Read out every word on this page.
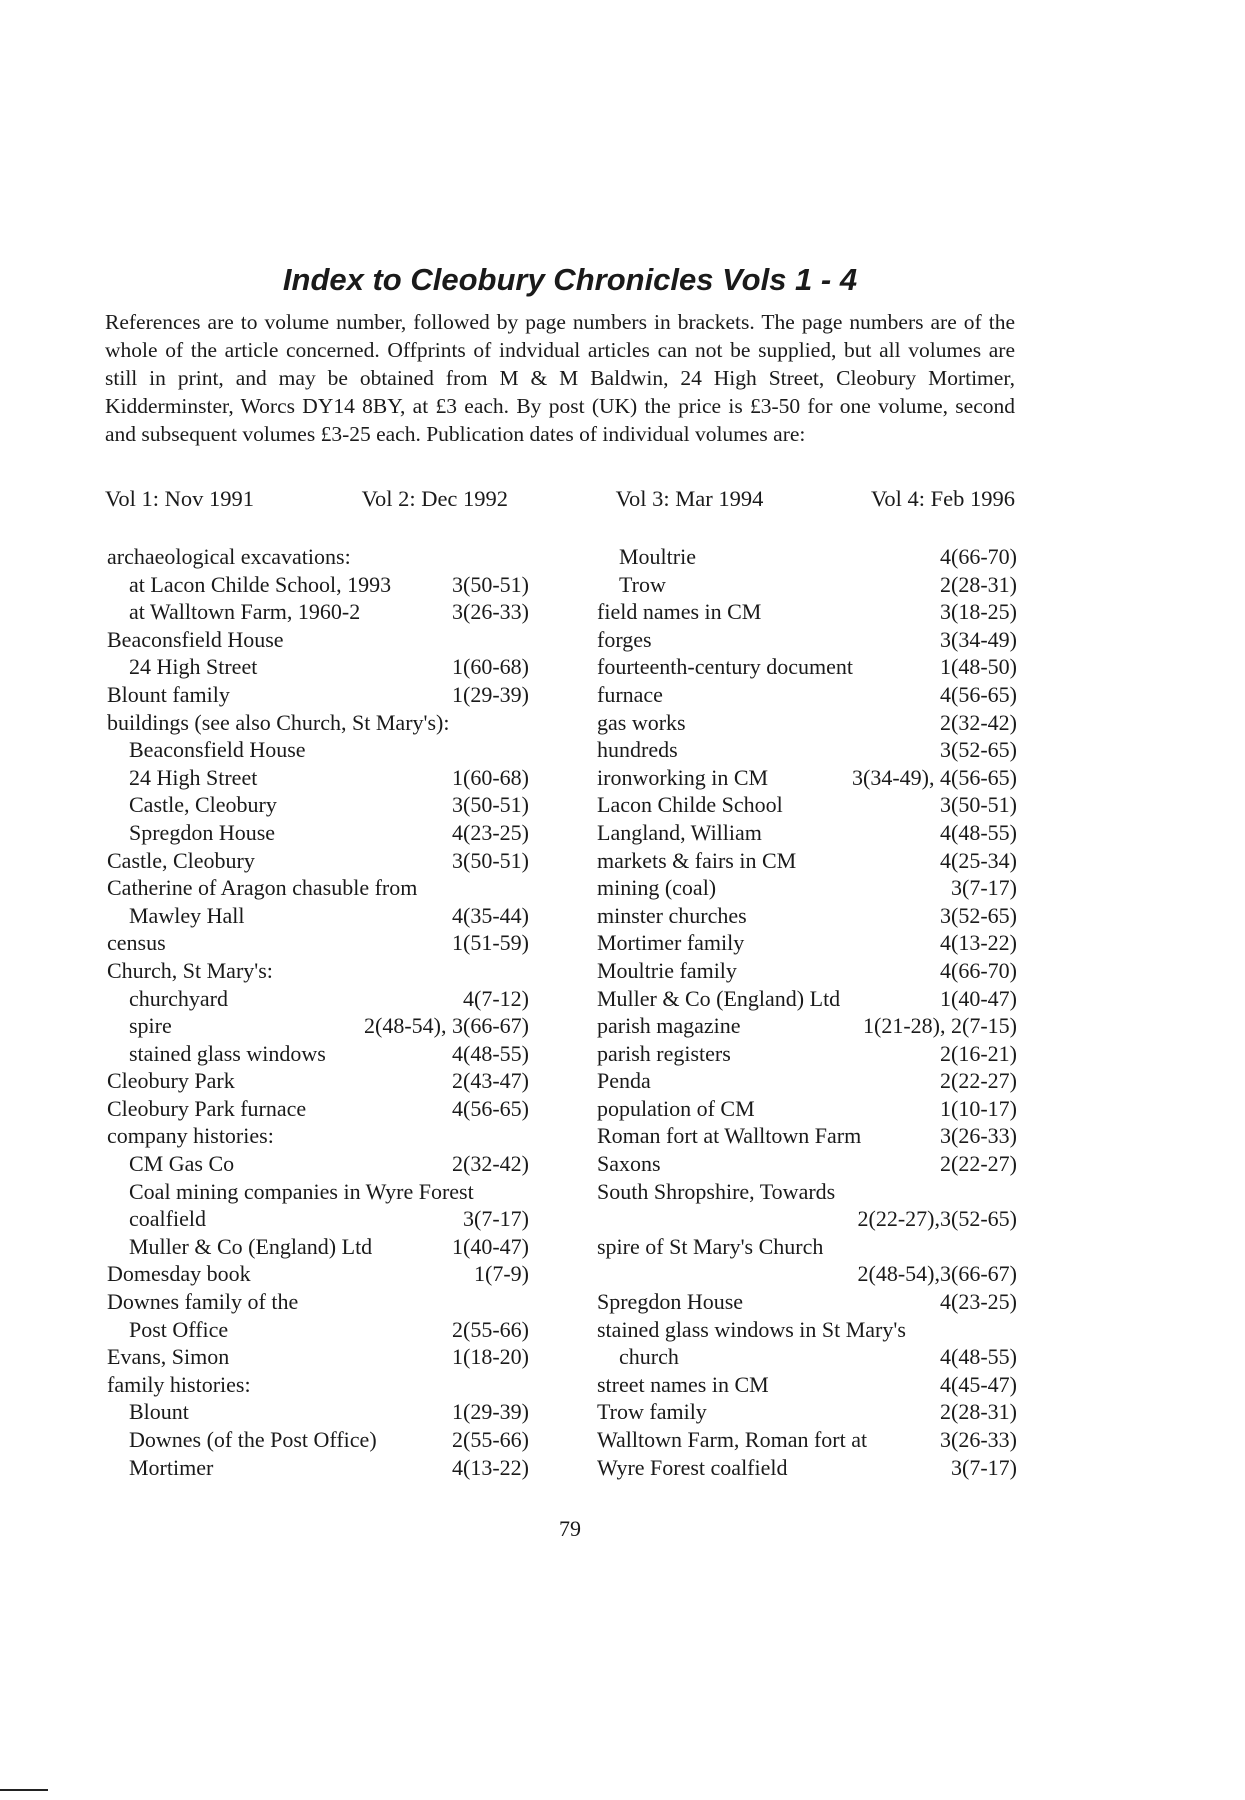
Index to Cleobury Chronicles Vols 1 - 4

References are to volume number, followed by page numbers in brackets. The page numbers are of the whole of the article concerned. Offprints of indvidual articles can not be supplied, but all volumes are still in print, and may be obtained from M & M Baldwin, 24 High Street, Cleobury Mortimer, Kidderminster, Worcs DY14 8BY, at £3 each. By post (UK) the price is £3-50 for one volume, second and subsequent volumes £3-25 each. Publication dates of individual volumes are:

Vol 1: Nov 1991	Vol 2: Dec 1992	Vol 3: Mar 1994	Vol 4: Feb 1996
archaeological excavations:
at Lacon Childe School, 1993	3(50-51)
at Walltown Farm, 1960-2	3(26-33)
Beaconsfield House
24 High Street	1(60-68)
Blount family	1(29-39)
buildings (see also Church, St Mary's):
Beaconsfield House
24 High Street	1(60-68)
Castle, Cleobury	3(50-51)
Spregdon House	4(23-25)
Castle, Cleobury	3(50-51)
Catherine of Aragon chasuble from
Mawley Hall	4(35-44)
census	1(51-59)
Church, St Mary's:
churchyard	4(7-12)
spire	2(48-54), 3(66-67)
stained glass windows	4(48-55)
Cleobury Park	2(43-47)
Cleobury Park furnace	4(56-65)
company histories:
CM Gas Co	2(32-42)
Coal mining companies in Wyre Forest
coalfield	3(7-17)
Muller & Co (England) Ltd	1(40-47)
Domesday book	1(7-9)
Downes family of the
Post Office	2(55-66)
Evans, Simon	1(18-20)
family histories:
Blount	1(29-39)
Downes (of the Post Office)	2(55-66)
Mortimer	4(13-22)
Moultrie	4(66-70)
Trow	2(28-31)
field names in CM	3(18-25)
forges	3(34-49)
fourteenth-century document	1(48-50)
furnace	4(56-65)
gas works	2(32-42)
hundreds	3(52-65)
ironworking in CM	3(34-49), 4(56-65)
Lacon Childe School	3(50-51)
Langland, William	4(48-55)
markets & fairs in CM	4(25-34)
mining (coal)	3(7-17)
minster churches	3(52-65)
Mortimer family	4(13-22)
Moultrie family	4(66-70)
Muller & Co (England) Ltd	1(40-47)
parish magazine	1(21-28), 2(7-15)
parish registers	2(16-21)
Penda	2(22-27)
population of CM	1(10-17)
Roman fort at Walltown Farm	3(26-33)
Saxons	2(22-27)
South Shropshire, Towards
2(22-27),3(52-65)
spire of St Mary's Church
2(48-54),3(66-67)
Spregdon House	4(23-25)
stained glass windows in St Mary's
church	4(48-55)
street names in CM	4(45-47)
Trow family	2(28-31)
Walltown Farm, Roman fort at	3(26-33)
Wyre Forest coalfield	3(7-17)

79
